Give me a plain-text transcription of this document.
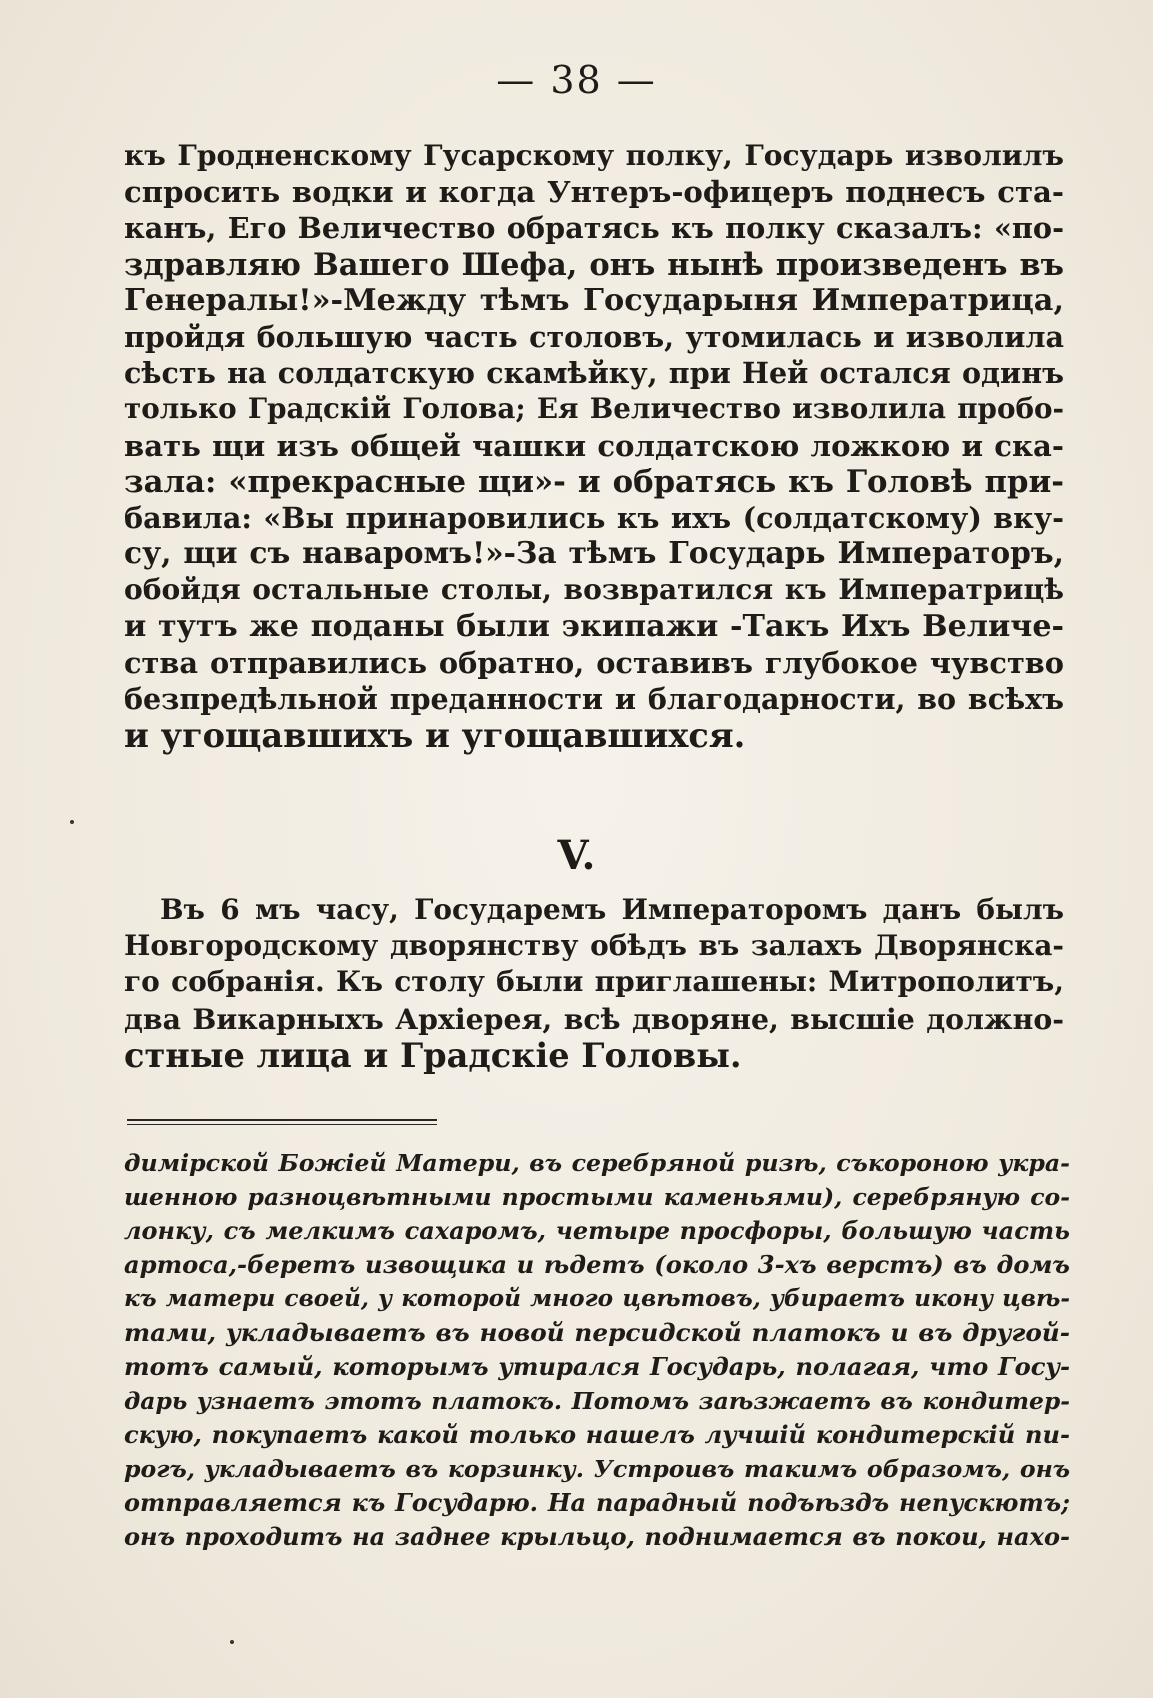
— 38 —
къ Гродненскому Гусарскому полку, Государь изволилъ
спросить водки и когда Унтеръ-офицеръ поднесъ ста-
канъ, Его Величество обратясь къ полку сказалъ: «по-
здравляю Вашего Шефа, онъ нынѣ произведенъ въ
Генералы!»-Между тѣмъ Государыня Императрица,
пройдя большую часть столовъ, утомилась и изволила
сѣсть на солдатскую скамѣйку, при Ней остался одинъ
только Градскій Голова; Ея Величество изволила пробо-
вать щи изъ общей чашки солдатскою ложкою и ска-
зала: «прекрасные щи»- и обратясь къ Головѣ при-
бавила: «Вы принаровились къ ихъ (солдатскому) вку-
су, щи съ наваромъ!»-За тѣмъ Государь Императоръ,
обойдя остальные столы, возвратился къ Императрицѣ
и тутъ же поданы были экипажи -Такъ Ихъ Величе-
ства отправились обратно, оставивъ глубокое чувство
безпредѣльной преданности и благодарности, во всѣхъ
и угощавшихъ и угощавшихся.
V.
Въ 6 мъ часу, Государемъ Императоромъ данъ былъ
Новгородскому дворянству обѣдъ въ залахъ Дворянска-
го собранія. Къ столу были приглашены: Митрополитъ,
два Викарныхъ Архіерея, всѣ дворяне, высшіе должно-
стные лица и Градскіе Головы.
димірской Божіей Матери, въ серебряной ризѣ, съкороною укра-
шенною разноцвѣтными простыми каменьями), серебряную со-
лонку, съ мелкимъ сахаромъ, четыре просфоры, большую часть
артоса,-беретъ извощика и ѣдетъ (около 3-хъ верстъ) въ домъ
къ матери своей, у которой много цвѣтовъ, убираетъ икону цвѣ-
тами, укладываетъ въ новой персидской платокъ и въ другой-
тотъ самый, которымъ утирался Государь, полагая, что Госу-
дарь узнаетъ этотъ платокъ. Потомъ заѣзжаетъ въ кондитер-
скую, покупаетъ какой только нашелъ лучшій кондитерскій пи-
рогъ, укладываетъ въ корзинку. Устроивъ такимъ образомъ, онъ
отправляется къ Государю. На парадный подъѣздъ непускютъ;
онъ проходитъ на заднее крыльцо, поднимается въ покои, нахо-
